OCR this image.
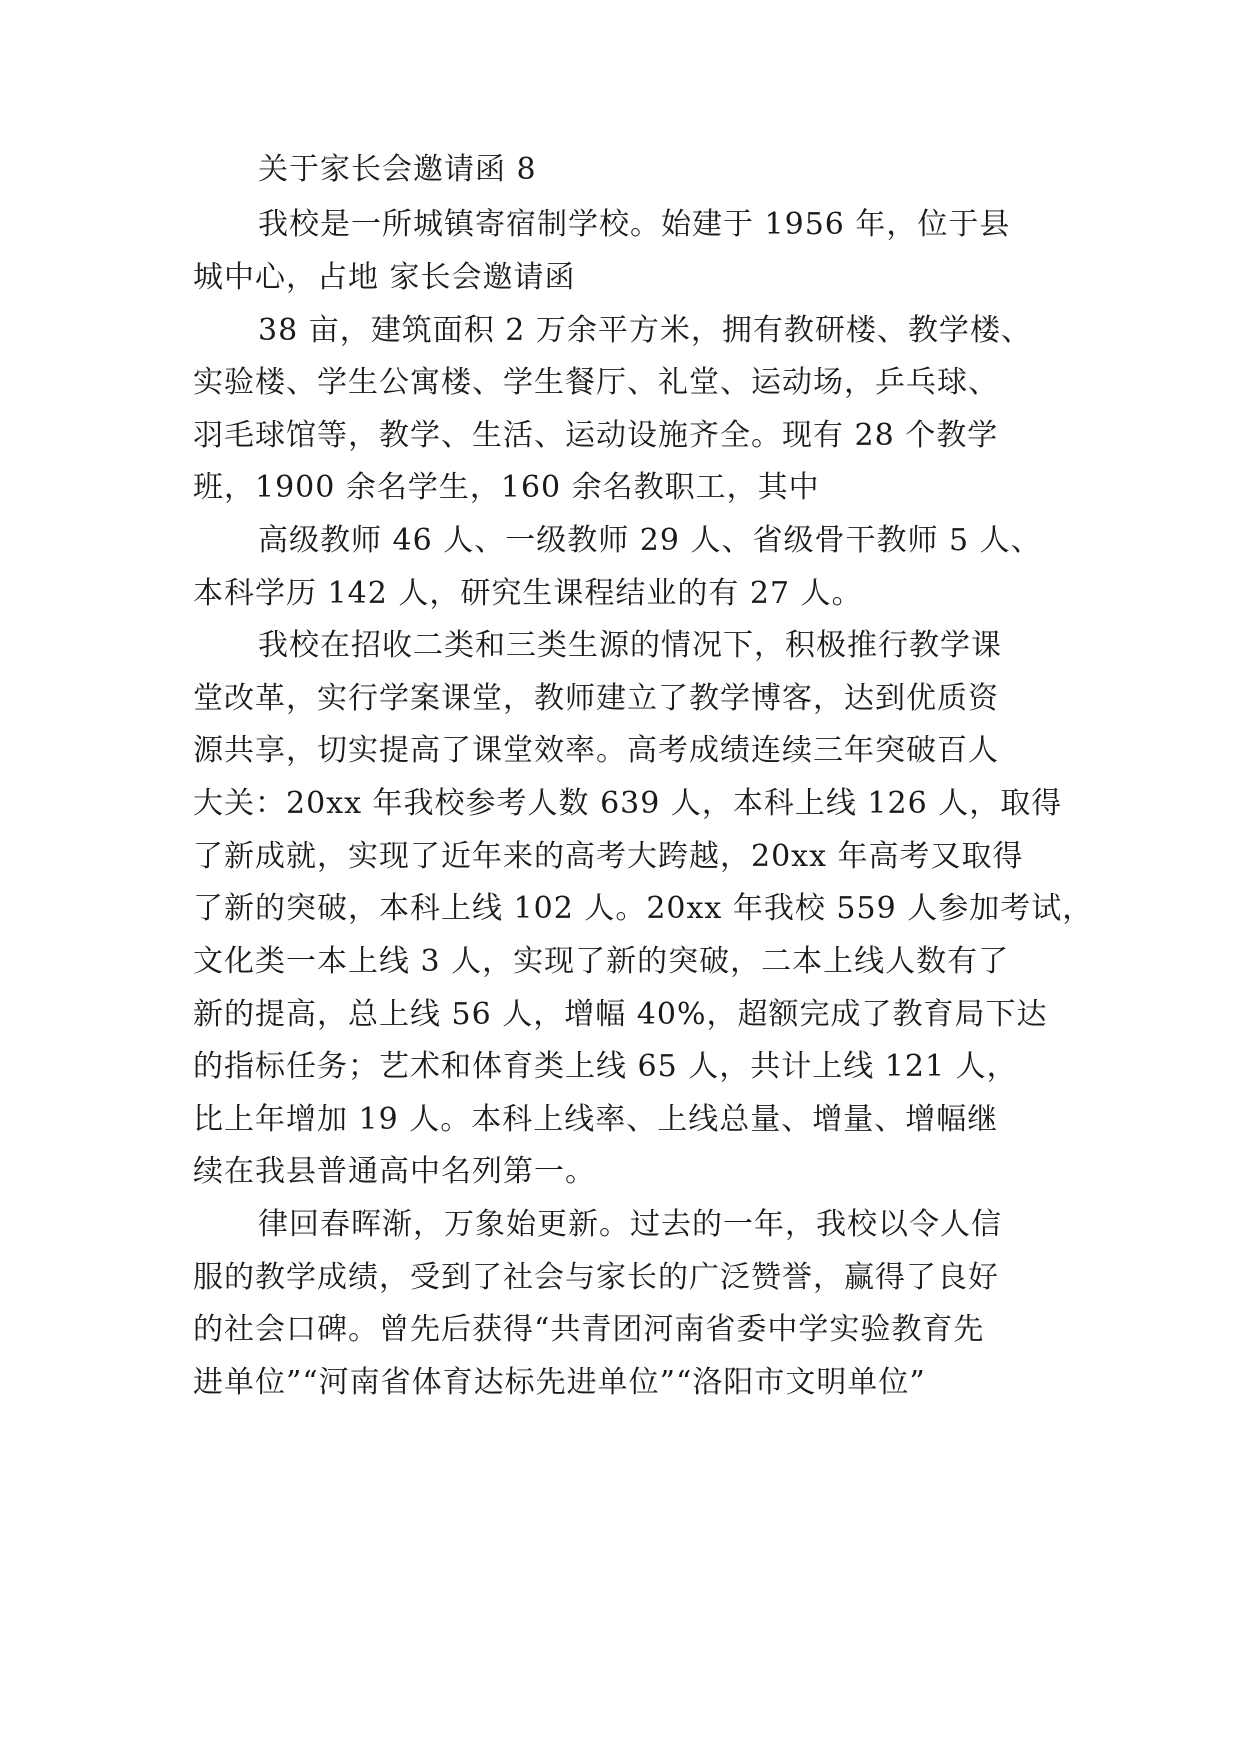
关于家长会邀请函 8
我校是一所城镇寄宿制学校。始建于 1956 年，位于县
城中心，占地 家长会邀请函
38 亩，建筑面积 2 万余平方米，拥有教研楼、教学楼、
实验楼、学生公寓楼、学生餐厅、礼堂、运动场，乒乓球、
羽毛球馆等，教学、生活、运动设施齐全。现有 28 个教学
班，1900 余名学生，160 余名教职工，其中
高级教师 46 人、一级教师 29 人、省级骨干教师 5 人、
本科学历 142 人，研究生课程结业的有 27 人。
我校在招收二类和三类生源的情况下，积极推行教学课
堂改革，实行学案课堂，教师建立了教学博客，达到优质资
源共享，切实提高了课堂效率。高考成绩连续三年突破百人
大关：20xx 年我校参考人数 639 人，本科上线 126 人，取得
了新成就，实现了近年来的高考大跨越，20xx 年高考又取得
了新的突破，本科上线 102 人。20xx 年我校 559 人参加考试，
文化类一本上线 3 人，实现了新的突破，二本上线人数有了
新的提高，总上线 56 人，增幅 40%，超额完成了教育局下达
的指标任务；艺术和体育类上线 65 人，共计上线 121 人，
比上年增加 19 人。本科上线率、上线总量、增量、增幅继
续在我县普通高中名列第一。
律回春晖渐，万象始更新。过去的一年，我校以令人信
服的教学成绩，受到了社会与家长的广泛赞誉，赢得了良好
的社会口碑。曾先后获得“共青团河南省委中学实验教育先
进单位”“河南省体育达标先进单位”“洛阳市文明单位”
